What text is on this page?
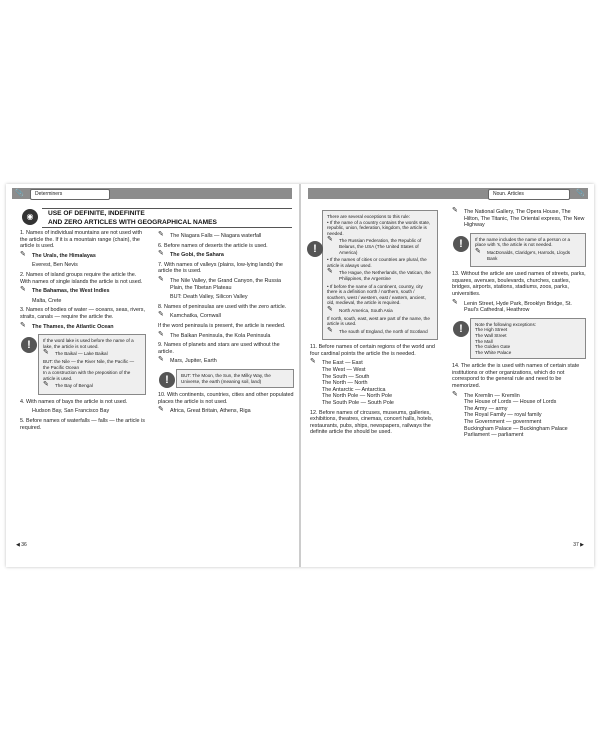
📎	Determiners	Noun. Articles	📎
◉	USE OF DEFINITE, INDEFINITE
AND ZERO ARTICLES WITH GEOGRAPHICAL NAMES
1. Names of individual mountains are not used with the article the. If it is a mountain range (chain), the article is used.
✎ The Urals, the Himalayas
Everest, Ben Nevis
2. Names of island groups require the article the. With names of single islands the article is not used.
✎ The Bahamas, the West Indies
Malta, Crete
3. Names of bodies of water — oceans, seas, rivers, straits, canals — require the article the.
✎ The Thames, the Atlantic Ocean
!	If the word lake is used before the name of a lake, the article is not used.
✎ The Baikal — Lake Baikal
BUT: the Nile — the River Nile, the Pacific — the Pacific Ocean
In a construction with the preposition of the article is used.
✎ The Bay of Bengal
4. With names of bays the article is not used.
Hudson Bay, San Francisco Bay
5. Before names of waterfalls — falls — the article is required.
✎ The Niagara Falls — Niagara waterfall
6. Before names of deserts the article is used.
✎ The Gobi, the Sahara
7. With names of valleys (plains, low-lying lands) the article the is used.
✎ The Nile Valley, the Grand Canyon, the Russia Plain, the Tibetan Plateau
BUT: Death Valley, Silicon Valley
8. Names of peninsulas are used with the zero article.
✎ Kamchatka, Cornwall
If the word peninsula is present, the article is needed.
✎ The Balkan Peninsula, the Kola Peninsula
9. Names of planets and stars are used without the article.
✎ Mars, Jupiter, Earth
!	BUT: The Moon, the Sun, the Milky Way, the Universe, the earth (meaning soil, land)
10. With continents, countries, cities and other populated places the article is not used.
✎ Africa, Great Britain, Athens, Riga
!
There are several exceptions to this rule:
• If the name of a country contains the words state, republic, union, federation, kingdom, the article is needed.
✎ The Russian Federation, the Republic of Belarus, the USA (The United States of America)
• If the names of cities or countries are plural, the article is always used.
✎ The Hague, the Netherlands, the Vatican, the Philippines, the Argentine
• If before the name of a continent, country, city there is a definition north / northern, south / southern, west / western, east / eastern, ancient, old, medieval, the article is required.
✎ North America, South Asia
If north, south, east, west are part of the name, the article is used.
✎ The south of England, the north of Scotland
11. Before names of certain regions of the world and four cardinal points the article the is needed.
✎ The East — East
The West — West
The South — South
The North — North
The Antarctic — Antarctica
The North Pole — North Pole
The South Pole — South Pole
12. Before names of circuses, museums, galleries, exhibitions, theatres, cinemas, concert halls, hotels, restaurants, pubs, ships, newspapers, railways the definite article the should be used.
✎ The National Gallery, The Opera House, The Hilton, The Titanic, The Oriental express, The New Highway
!	If the name includes the name of a person or a place with 's, the article is not needed.
✎ MacDonalds, Claridge's, Harrods, Lloyds Bank
13. Without the article are used names of streets, parks, squares, avenues, boulevards, churches, castles, bridges, airports, stations, stadiums, zoos, parks, universities.
✎ Lenin Street, Hyde Park, Brooklyn Bridge, St. Paul's Cathedral, Heathrow
!	Note the following exceptions:
The High Street
The Wall Street
The Mall
The Golden Gate
The White Palace
14. The article the is used with names of certain state institutions or other organizations, which do not correspond to the general rule and need to be memorized.
✎ The Kremlin — Kremlin
The House of Lords — House of Lords
The Army — army
The Royal Family — royal family
The Government — government
Buckingham Palace — Buckingham Palace
Parliament — parliament
◀ 36	37 ▶
